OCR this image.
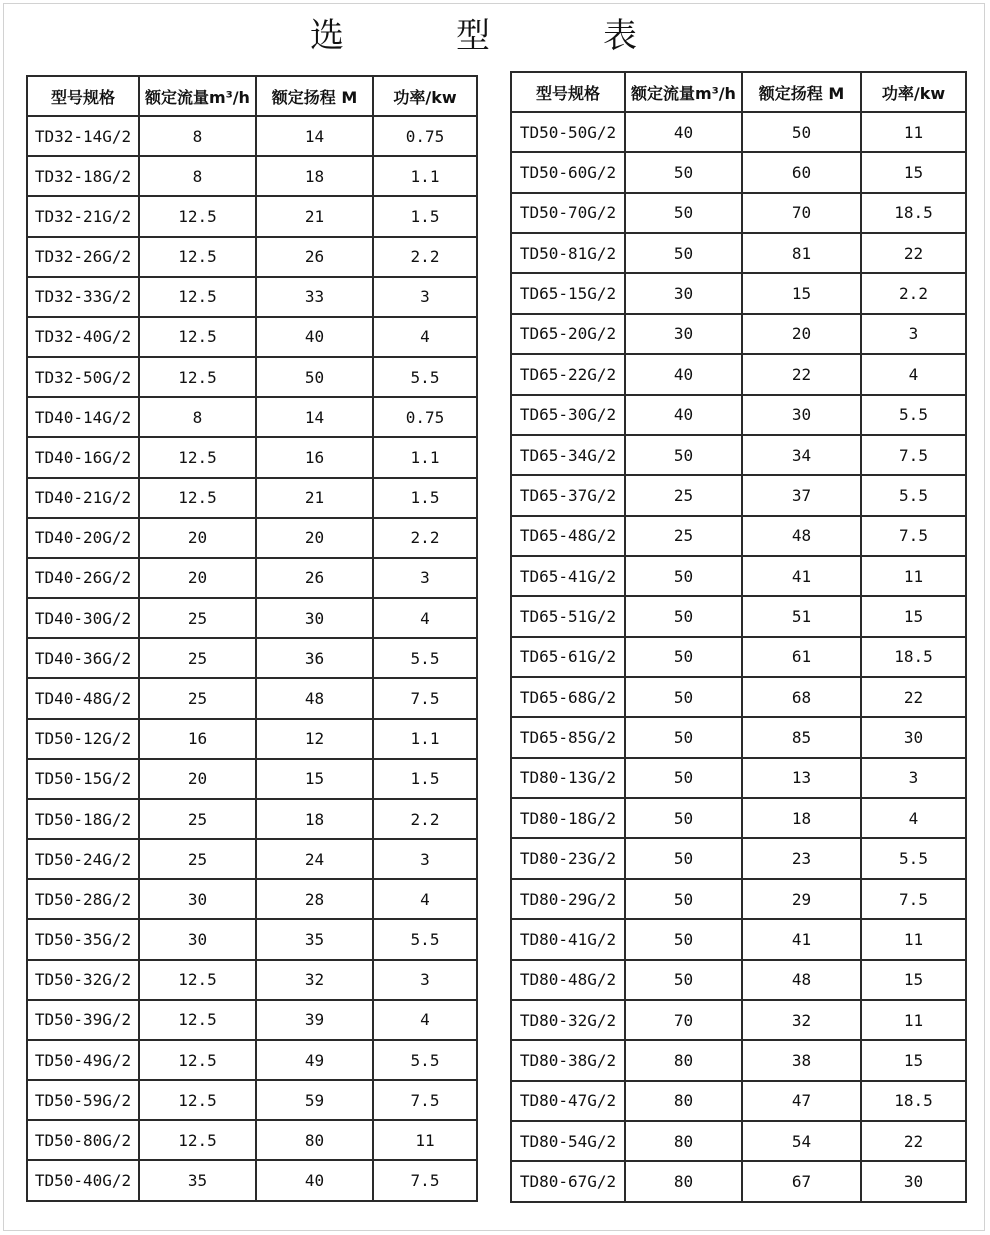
选	型	表
型号规格	额定流量m³/h	额定扬程 M	功率/kw
TD32-14G/2	8	14	0.75
TD32-18G/2	8	18	1.1
TD32-21G/2	12.5	21	1.5
TD32-26G/2	12.5	26	2.2
TD32-33G/2	12.5	33	3
TD32-40G/2	12.5	40	4
TD32-50G/2	12.5	50	5.5
TD40-14G/2	8	14	0.75
TD40-16G/2	12.5	16	1.1
TD40-21G/2	12.5	21	1.5
TD40-20G/2	20	20	2.2
TD40-26G/2	20	26	3
TD40-30G/2	25	30	4
TD40-36G/2	25	36	5.5
TD40-48G/2	25	48	7.5
TD50-12G/2	16	12	1.1
TD50-15G/2	20	15	1.5
TD50-18G/2	25	18	2.2
TD50-24G/2	25	24	3
TD50-28G/2	30	28	4
TD50-35G/2	30	35	5.5
TD50-32G/2	12.5	32	3
TD50-39G/2	12.5	39	4
TD50-49G/2	12.5	49	5.5
TD50-59G/2	12.5	59	7.5
TD50-80G/2	12.5	80	11
TD50-40G/2	35	40	7.5
型号规格	额定流量m³/h	额定扬程 M	功率/kw
TD50-50G/2	40	50	11
TD50-60G/2	50	60	15
TD50-70G/2	50	70	18.5
TD50-81G/2	50	81	22
TD65-15G/2	30	15	2.2
TD65-20G/2	30	20	3
TD65-22G/2	40	22	4
TD65-30G/2	40	30	5.5
TD65-34G/2	50	34	7.5
TD65-37G/2	25	37	5.5
TD65-48G/2	25	48	7.5
TD65-41G/2	50	41	11
TD65-51G/2	50	51	15
TD65-61G/2	50	61	18.5
TD65-68G/2	50	68	22
TD65-85G/2	50	85	30
TD80-13G/2	50	13	3
TD80-18G/2	50	18	4
TD80-23G/2	50	23	5.5
TD80-29G/2	50	29	7.5
TD80-41G/2	50	41	11
TD80-48G/2	50	48	15
TD80-32G/2	70	32	11
TD80-38G/2	80	38	15
TD80-47G/2	80	47	18.5
TD80-54G/2	80	54	22
TD80-67G/2	80	67	30
